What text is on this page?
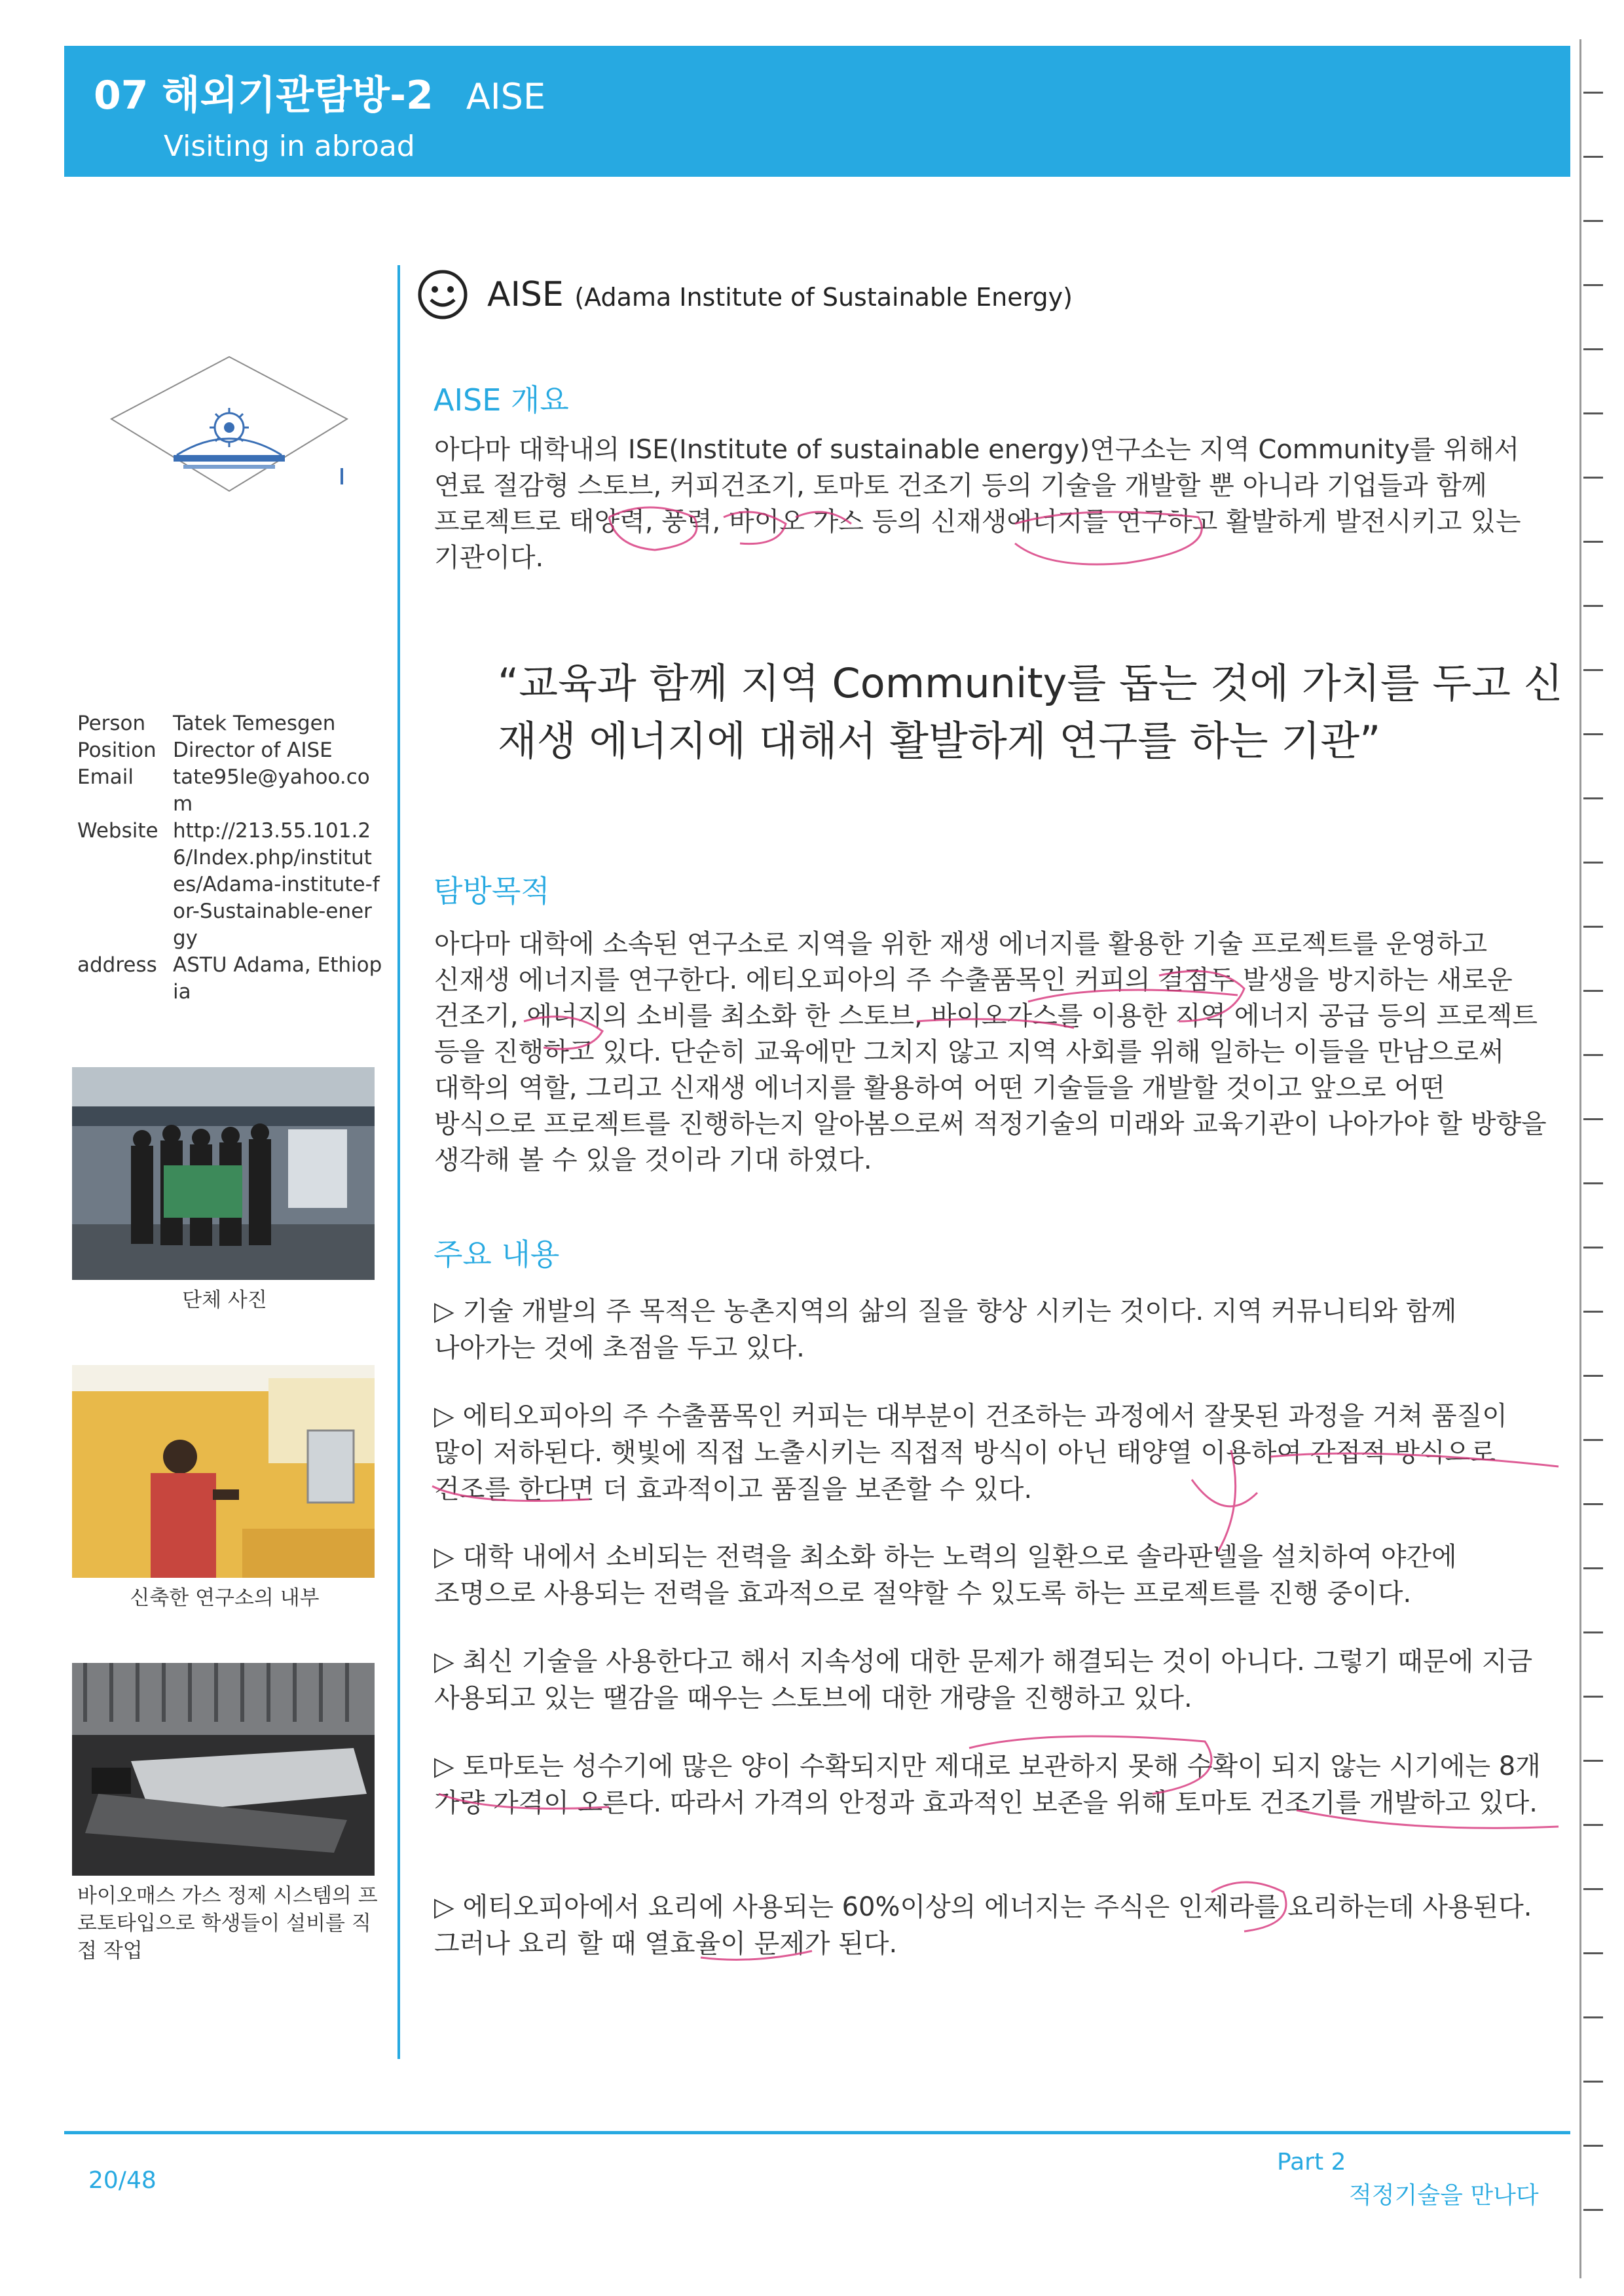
07 해외기관탐방-2 AISE
Visiting in abroad
Person	Tatek Temesgen
Position Director of AISE
Email	tate95le@yahoo.com
Website http://213.55.101.26/Index.php/institutes/Adama-institute-for-Sustainable-energy
address ASTU Adama, Ethiopia
단체 사진
신축한 연구소의 내부
바이오매스 가스 정제 시스템의 프로토타입으로 학생들이 설비를 직접 작업
AISE (Adama Institute of Sustainable Energy)
AISE 개요
아다마 대학내의 ISE(Institute of sustainable energy)연구소는 지역 Community를 위해서 연료 절감형 스토브, 커피건조기, 토마토 건조기 등의 기술을 개발할 뿐 아니라 기업들과 함께 프로젝트로 태양력, 풍력, 바이오 가스 등의 신재생에너지를 연구하고 활발하게 발전시키고 있는 기관이다.
“교육과 함께 지역 Community를 돕는 것에 가치를 두고 신재생 에너지에 대해서 활발하게 연구를 하는 기관”
탐방목적
아다마 대학에 소속된 연구소로 지역을 위한 재생 에너지를 활용한 기술 프로젝트를 운영하고 신재생 에너지를 연구한다. 에티오피아의 주 수출품목인 커피의 결점두 발생을 방지하는 새로운 건조기, 에너지의 소비를 최소화 한 스토브, 바이오가스를 이용한 지역 에너지 공급 등의 프로젝트 등을 진행하고 있다. 단순히 교육에만 그치지 않고 지역 사회를 위해 일하는 이들을 만남으로써 대학의 역할, 그리고 신재생 에너지를 활용하여 어떤 기술들을 개발할 것이고 앞으로 어떤 방식으로 프로젝트를 진행하는지 알아봄으로써 적정기술의 미래와 교육기관이 나아가야 할 방향을 생각해 볼 수 있을 것이라 기대 하였다.
주요 내용
▷ 기술 개발의 주 목적은 농촌지역의 삶의 질을 향상 시키는 것이다. 지역 커뮤니티와 함께 나아가는 것에 초점을 두고 있다.
▷ 에티오피아의 주 수출품목인 커피는 대부분이 건조하는 과정에서 잘못된 과정을 거쳐 품질이 많이 저하된다. 햇빛에 직접 노출시키는 직접적 방식이 아닌 태양열 이용하여 간접적 방식으로 건조를 한다면 더 효과적이고 품질을 보존할 수 있다.
▷ 대학 내에서 소비되는 전력을 최소화 하는 노력의 일환으로 솔라판넬을 설치하여 야간에 조명으로 사용되는 전력을 효과적으로 절약할 수 있도록 하는 프로젝트를 진행 중이다.
▷ 최신 기술을 사용한다고 해서 지속성에 대한 문제가 해결되는 것이 아니다. 그렇기 때문에 지금 사용되고 있는 땔감을 때우는 스토브에 대한 개량을 진행하고 있다.
▷ 토마토는 성수기에 많은 양이 수확되지만 제대로 보관하지 못해 수확이 되지 않는 시기에는 8개 가량 가격이 오른다. 따라서 가격의 안정과 효과적인 보존을 위해 토마토 건조기를 개발하고 있다.
▷ 에티오피아에서 요리에 사용되는 60%이상의 에너지는 주식은 인제라를 요리하는데 사용된다. 그러나 요리 할 때 열효율이 문제가 된다.
20/48
Part 2
적정기술을 만나다
